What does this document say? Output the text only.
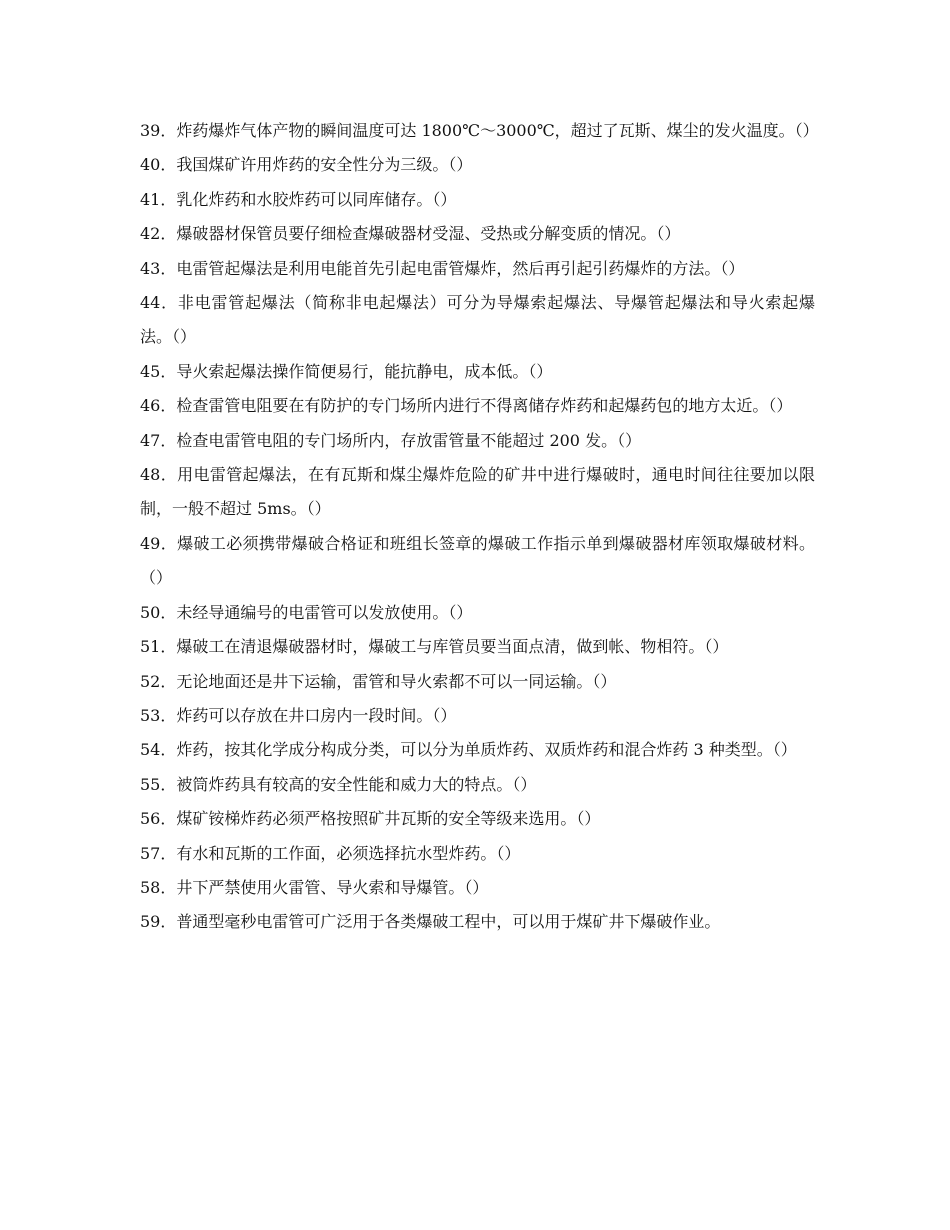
39．炸药爆炸气体产物的瞬间温度可达 1800℃～3000℃，超过了瓦斯、煤尘的发火温度。（）

40．我国煤矿许用炸药的安全性分为三级。（）

41．乳化炸药和水胶炸药可以同库储存。（）

42．爆破器材保管员要仔细检查爆破器材受湿、受热或分解变质的情况。（）

43．电雷管起爆法是利用电能首先引起电雷管爆炸，然后再引起引药爆炸的方法。（）

44．非电雷管起爆法（简称非电起爆法）可分为导爆索起爆法、导爆管起爆法和导火索起爆法。（）

45．导火索起爆法操作简便易行，能抗静电，成本低。（）

46．检查雷管电阻要在有防护的专门场所内进行不得离储存炸药和起爆药包的地方太近。（）

47．检查电雷管电阻的专门场所内，存放雷管量不能超过 200 发。（）

48．用电雷管起爆法，在有瓦斯和煤尘爆炸危险的矿井中进行爆破时，通电时间往往要加以限制，一般不超过 5ms。（）

49．爆破工必须携带爆破合格证和班组长签章的爆破工作指示单到爆破器材库领取爆破材料。（）

50．未经导通编号的电雷管可以发放使用。（）

51．爆破工在清退爆破器材时，爆破工与库管员要当面点清，做到帐、物相符。（）

52．无论地面还是井下运输，雷管和导火索都不可以一同运输。（）

53．炸药可以存放在井口房内一段时间。（）

54．炸药，按其化学成分构成分类，可以分为单质炸药、双质炸药和混合炸药 3 种类型。（）

55．被筒炸药具有较高的安全性能和威力大的特点。（）

56．煤矿铵梯炸药必须严格按照矿井瓦斯的安全等级来选用。（）

57．有水和瓦斯的工作面，必须选择抗水型炸药。（）

58．井下严禁使用火雷管、导火索和导爆管。（）

59．普通型毫秒电雷管可广泛用于各类爆破工程中，可以用于煤矿井下爆破作业。
